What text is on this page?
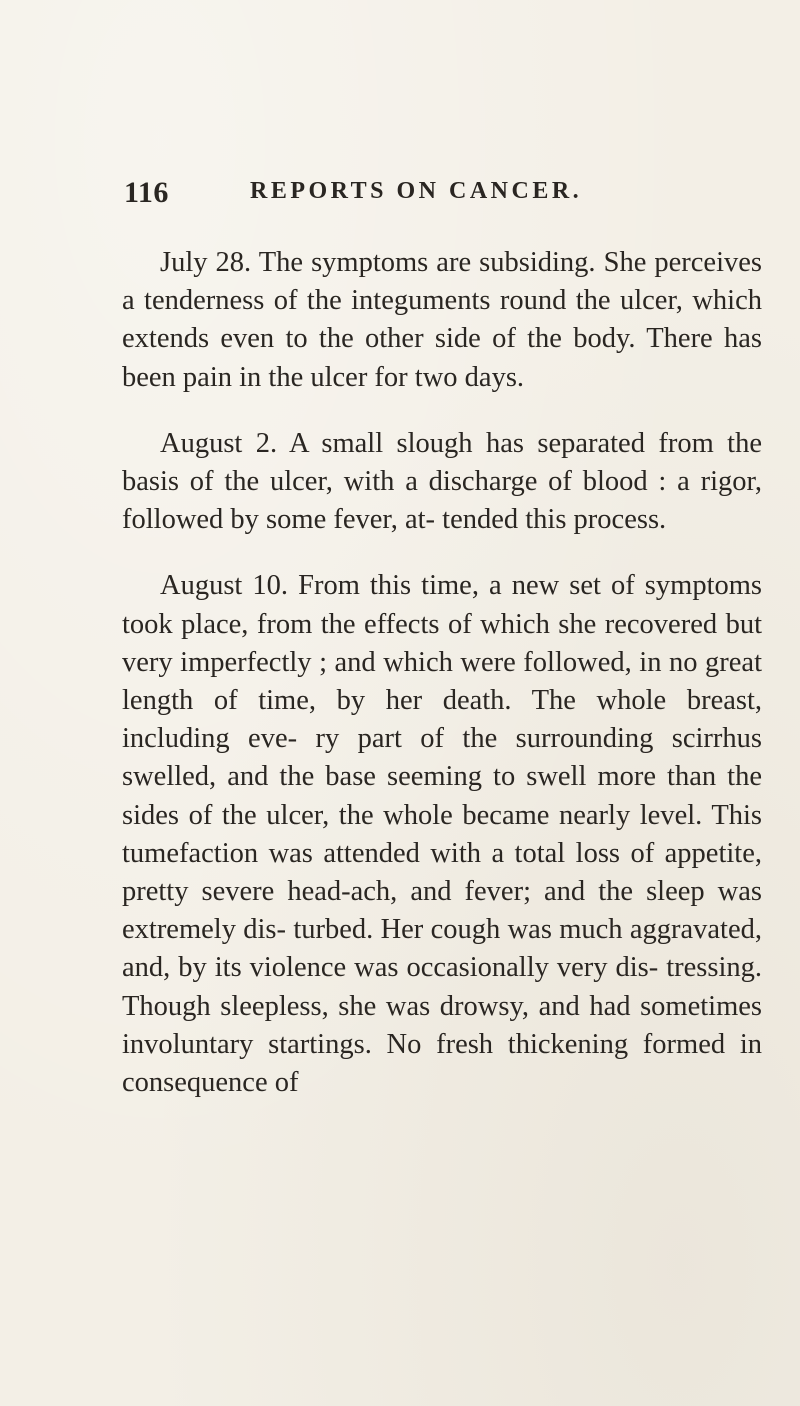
116	REPORTS ON CANCER.

July 28. The symptoms are subsiding. She perceives a tenderness of the integuments round the ulcer, which extends even to the other side of the body. There has been pain in the ulcer for two days.

August 2. A small slough has separated from the basis of the ulcer, with a discharge of blood : a rigor, followed by some fever, at- tended this process.

August 10. From this time, a new set of symptoms took place, from the effects of which she recovered but very imperfectly ; and which were followed, in no great length of time, by her death. The whole breast, including eve- ry part of the surrounding scirrhus swelled, and the base seeming to swell more than the sides of the ulcer, the whole became nearly level. This tumefaction was attended with a total loss of appetite, pretty severe head-ach, and fever; and the sleep was extremely dis- turbed. Her cough was much aggravated, and, by its violence was occasionally very dis- tressing. Though sleepless, she was drowsy, and had sometimes involuntary startings. No fresh thickening formed in consequence of
